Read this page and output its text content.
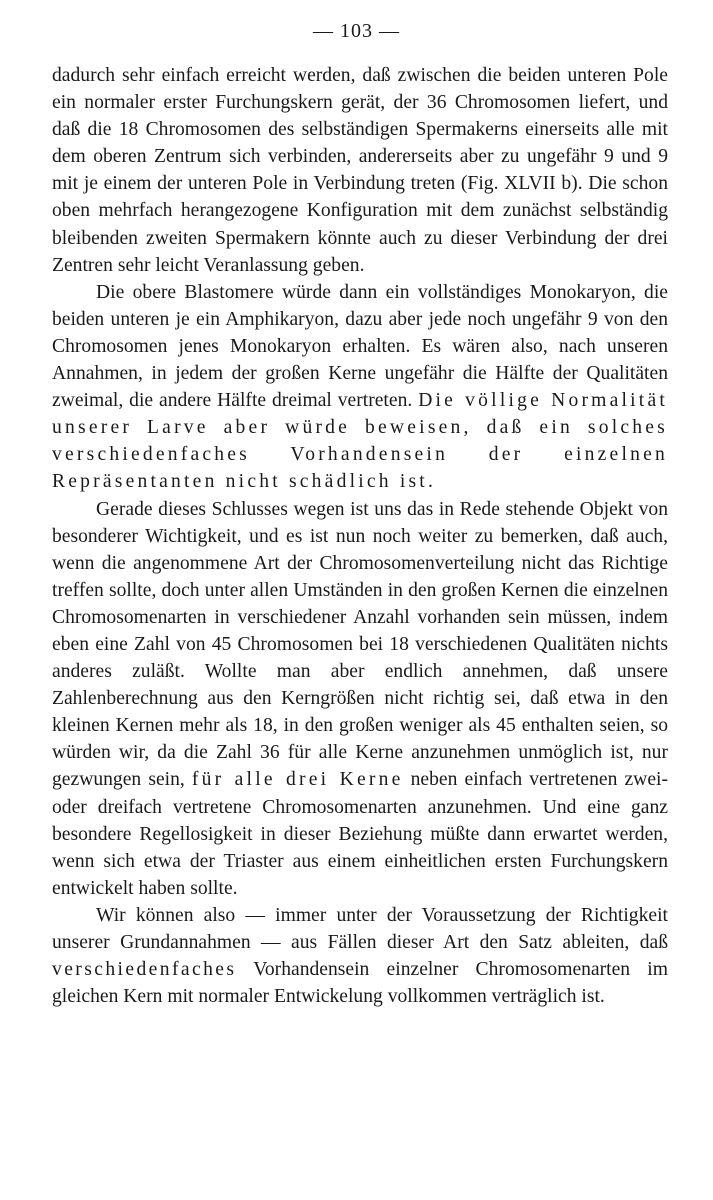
— 103 —

dadurch sehr einfach erreicht werden, daß zwischen die beiden unteren Pole ein normaler erster Furchungskern gerät, der 36 Chromosomen liefert, und daß die 18 Chromosomen des selbständigen Spermakerns einerseits alle mit dem oberen Zentrum sich verbinden, andererseits aber zu ungefähr 9 und 9 mit je einem der unteren Pole in Verbindung treten (Fig. XLVII b). Die schon oben mehrfach herangezogene Konfiguration mit dem zunächst selbständig bleibenden zweiten Spermakern könnte auch zu dieser Verbindung der drei Zentren sehr leicht Veranlassung geben.

Die obere Blastomere würde dann ein vollständiges Monokaryon, die beiden unteren je ein Amphikaryon, dazu aber jede noch ungefähr 9 von den Chromosomen jenes Monokaryon erhalten. Es wären also, nach unseren Annahmen, in jedem der großen Kerne ungefähr die Hälfte der Qualitäten zweimal, die andere Hälfte dreimal vertreten. Die völlige Normalität unserer Larve aber würde beweisen, daß ein solches verschiedenfaches Vorhandensein der einzelnen Repräsentanten nicht schädlich ist.

Gerade dieses Schlusses wegen ist uns das in Rede stehende Objekt von besonderer Wichtigkeit, und es ist nun noch weiter zu bemerken, daß auch, wenn die angenommene Art der Chromosomenverteilung nicht das Richtige treffen sollte, doch unter allen Umständen in den großen Kernen die einzelnen Chromosomenarten in verschiedener Anzahl vorhanden sein müssen, indem eben eine Zahl von 45 Chromosomen bei 18 verschiedenen Qualitäten nichts anderes zuläßt. Wollte man aber endlich annehmen, daß unsere Zahlenberechnung aus den Kerngrößen nicht richtig sei, daß etwa in den kleinen Kernen mehr als 18, in den großen weniger als 45 enthalten seien, so würden wir, da die Zahl 36 für alle Kerne anzunehmen unmöglich ist, nur gezwungen sein, für alle drei Kerne neben einfach vertretenen zwei- oder dreifach vertretene Chromosomenarten anzunehmen. Und eine ganz besondere Regellosigkeit in dieser Beziehung müßte dann erwartet werden, wenn sich etwa der Triaster aus einem einheitlichen ersten Furchungskern entwickelt haben sollte.

Wir können also — immer unter der Voraussetzung der Richtigkeit unserer Grundannahmen — aus Fällen dieser Art den Satz ableiten, daß verschiedenfaches Vorhandensein einzelner Chromosomenarten im gleichen Kern mit normaler Entwickelung vollkommen verträglich ist.
